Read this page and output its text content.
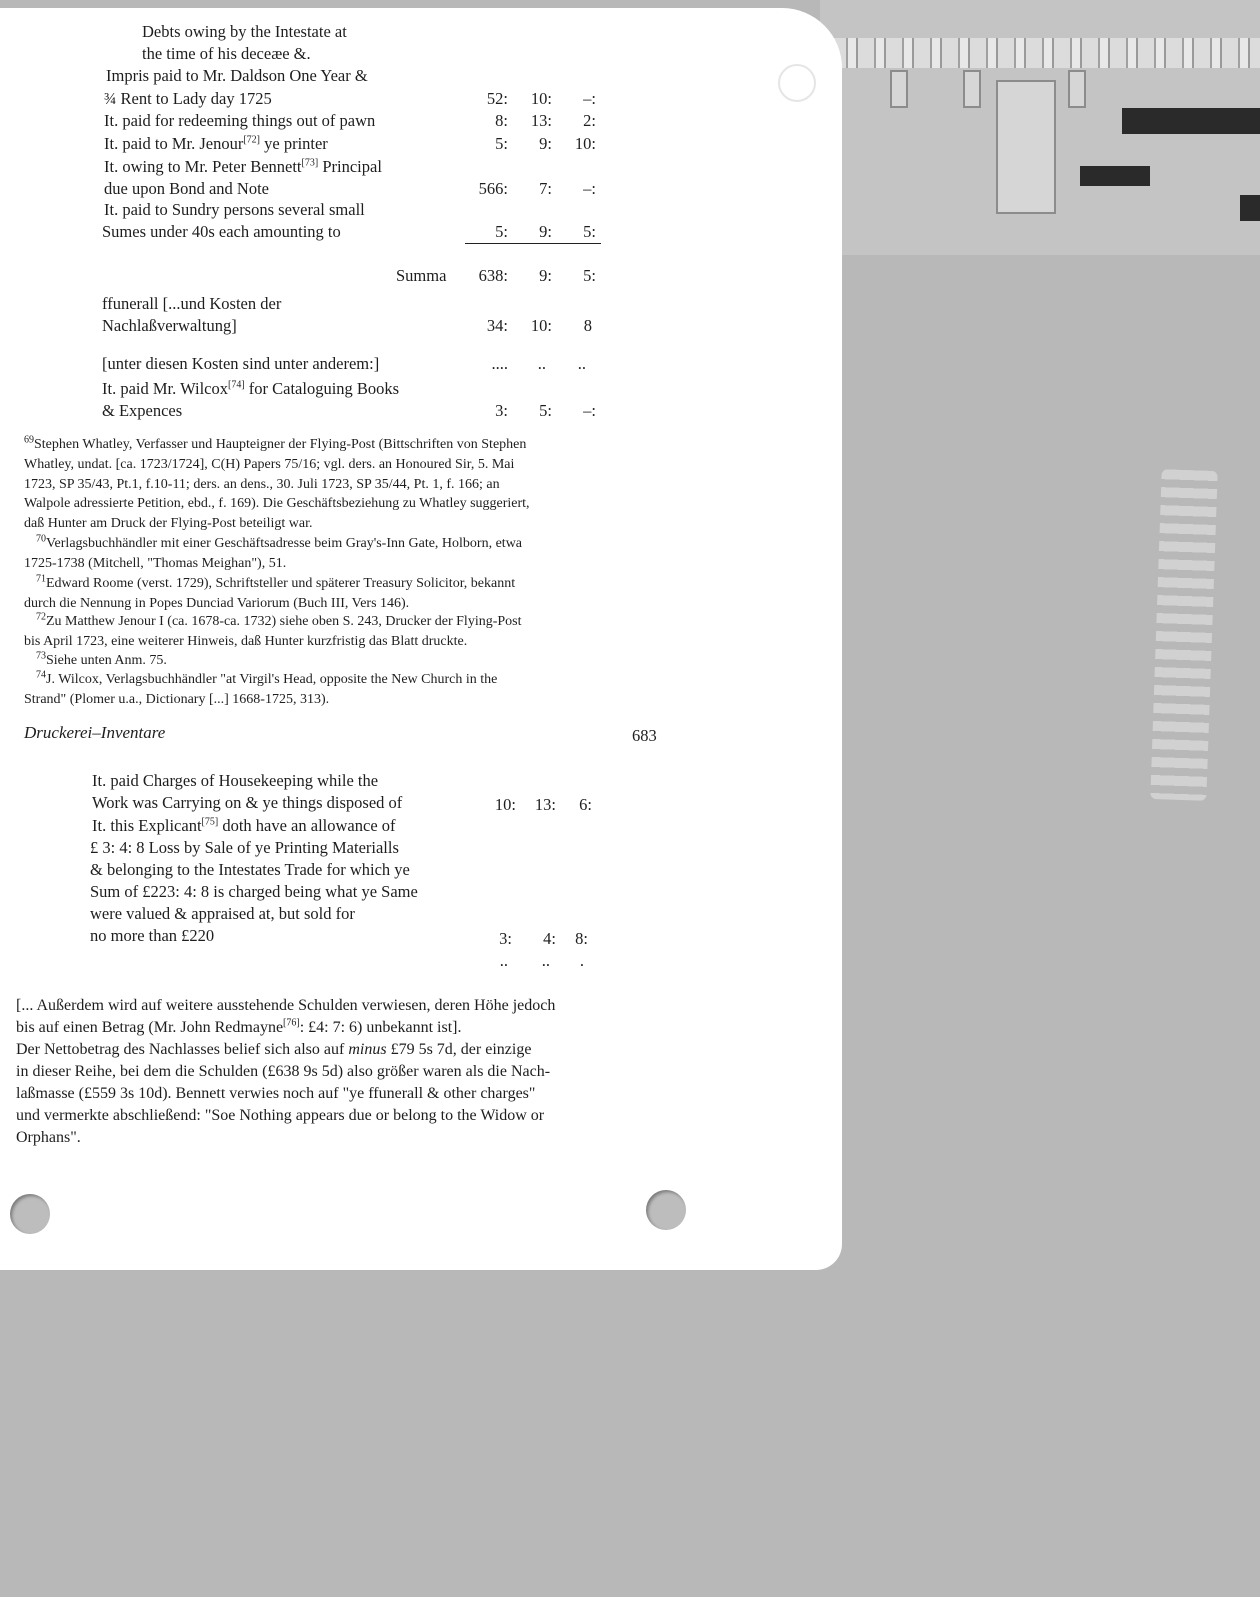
Debts owing by the Intestate at
the time of his deceæe &.
Impris paid to Mr. Daldson One Year &
¾ Rent to Lady day 1725	52:	10:	–:
It. paid for redeeming things out of pawn	8:	13:	2:
It. paid to Mr. Jenour[72] ye printer	5:	9:	10:
It. owing to Mr. Peter Bennett[73] Principal
due upon Bond and Note	566:	7:	–:
It. paid to Sundry persons several small
Sumes under 40s each amounting to	5:	9:	5:
Summa	638:	9:	5:
ffunerall [...und Kosten der
Nachlaßverwaltung]	34:	10:	8
[unter diesen Kosten sind unter anderem:]	....	..	..
It. paid Mr. Wilcox[74] for Cataloguing Books
& Expences	3:	5:	–:
$^{69}$Stephen Whatley, Verfasser und Haupteigner der Flying-Post (Bittschriften von Stephen
Whatley, undat. [ca. 1723/1724], C(H) Papers 75/16; vgl. ders. an Honoured Sir, 5. Mai
1723, SP 35/43, Pt.1, f.10-11; ders. an dens., 30. Juli 1723, SP 35/44, Pt. 1, f. 166; an
Walpole adressierte Petition, ebd., f. 169). Die Geschäftsbeziehung zu Whatley suggeriert,
daß Hunter am Druck der Flying-Post beteiligt war.
$^{70}$Verlagsbuchhändler mit einer Geschäftsadresse beim Gray's-Inn Gate, Holborn, etwa
1725-1738 (Mitchell, "Thomas Meighan"), 51.
$^{71}$Edward Roome (verst. 1729), Schriftsteller und späterer Treasury Solicitor, bekannt
durch die Nennung in Popes Dunciad Variorum (Buch III, Vers 146).
$^{72}$Zu Matthew Jenour I (ca. 1678-ca. 1732) siehe oben S. 243, Drucker der Flying-Post
bis April 1723, eine weiterer Hinweis, daß Hunter kurzfristig das Blatt druckte.
$^{73}$Siehe unten Anm. 75.
$^{74}$J. Wilcox, Verlagsbuchhändler "at Virgil's Head, opposite the New Church in the
Strand" (Plomer u.a., Dictionary [...] 1668-1725, 313).
Druckerei–Inventare	683
It. paid Charges of Housekeeping while the
Work was Carrying on & ye things disposed of	10:	13:	6:
It. this Explicant[75] doth have an allowance of
£ 3: 4: 8 Loss by Sale of ye Printing Materialls
& belonging to the Intestates Trade for which ye
Sum of £223: 4: 8 is charged being what ye Same
were valued & appraised at, but sold for
no more than £220	3:	4:	8:
..	..	.
[... Außerdem wird auf weitere ausstehende Schulden verwiesen, deren Höhe jedoch
bis auf einen Betrag (Mr. John Redmayne[76]: £4: 7: 6) unbekannt ist].
Der Nettobetrag des Nachlasses belief sich also auf minus £79 5s 7d, der einzige
in dieser Reihe, bei dem die Schulden (£638 9s 5d) also größer waren als die Nach-
laßmasse (£559 3s 10d). Bennett verwies noch auf "ye ffunerall & other charges"
und vermerkte abschließend: "Soe Nothing appears due or belong to the Widow or
Orphans".
